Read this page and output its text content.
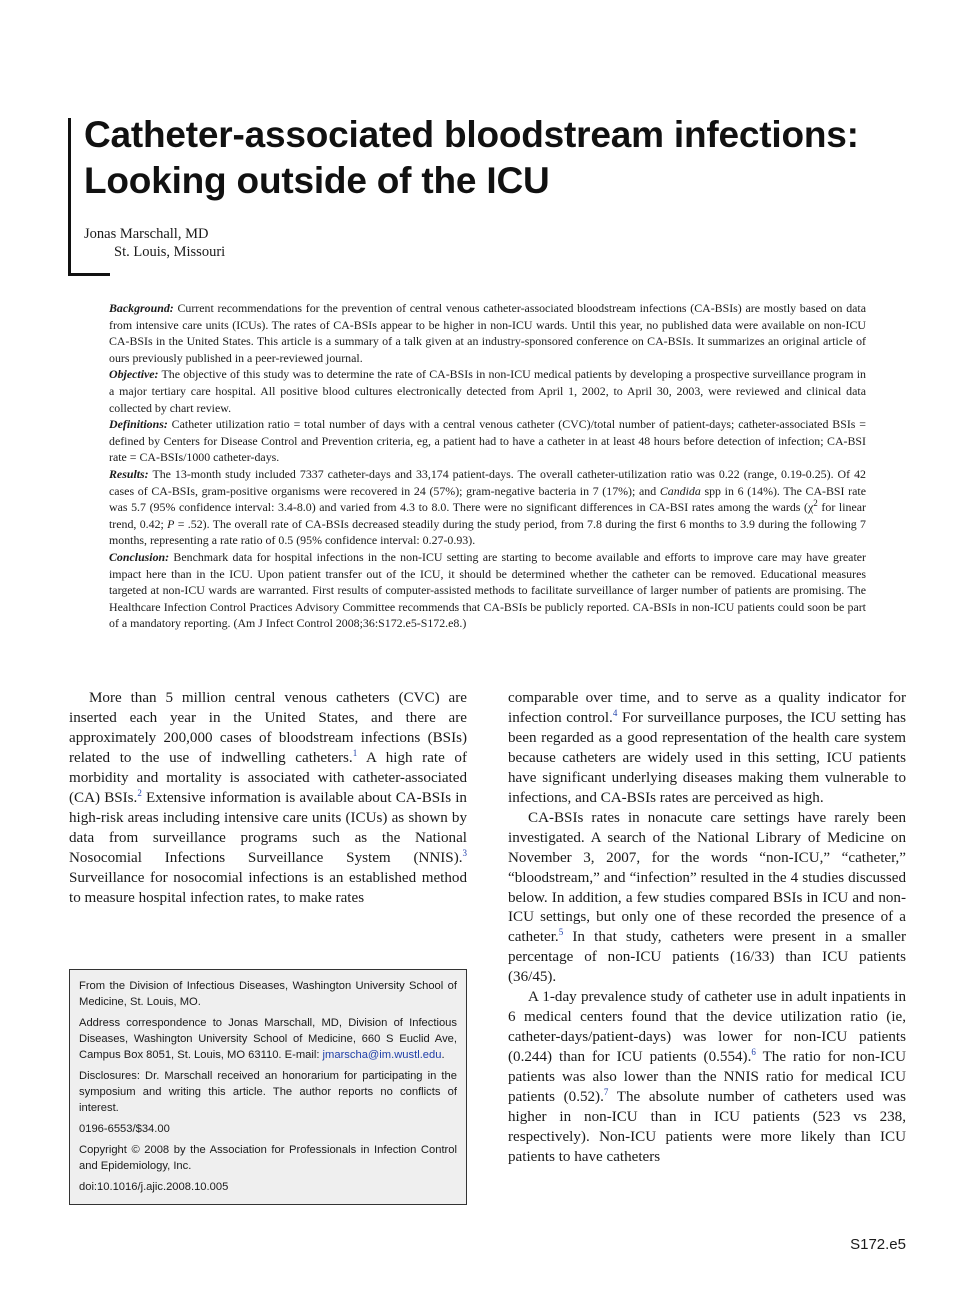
Catheter-associated bloodstream infections: Looking outside of the ICU
Jonas Marschall, MD
St. Louis, Missouri

Background: Current recommendations for the prevention of central venous catheter-associated bloodstream infections (CA-BSIs) are mostly based on data from intensive care units (ICUs). The rates of CA-BSIs appear to be higher in non-ICU wards. Until this year, no published data were available on non-ICU CA-BSIs in the United States. This article is a summary of a talk given at an industry-sponsored conference on CA-BSIs. It summarizes an original article of ours previously published in a peer-reviewed journal.

Objective: The objective of this study was to determine the rate of CA-BSIs in non-ICU medical patients by developing a prospective surveillance program in a major tertiary care hospital. All positive blood cultures electronically detected from April 1, 2002, to April 30, 2003, were reviewed and clinical data collected by chart review.

Definitions: Catheter utilization ratio = total number of days with a central venous catheter (CVC)/total number of patient-days; catheter-associated BSIs = defined by Centers for Disease Control and Prevention criteria, eg, a patient had to have a catheter in at least 48 hours before detection of infection; CA-BSI rate = CA-BSIs/1000 catheter-days.

Results: The 13-month study included 7337 catheter-days and 33,174 patient-days. The overall catheter-utilization ratio was 0.22 (range, 0.19-0.25). Of 42 cases of CA-BSIs, gram-positive organisms were recovered in 24 (57%); gram-negative bacteria in 7 (17%); and Candida spp in 6 (14%). The CA-BSI rate was 5.7 (95% confidence interval: 3.4-8.0) and varied from 4.3 to 8.0. There were no significant differences in CA-BSI rates among the wards ($\chi^2$ for linear trend, 0.42; P = .52). The overall rate of CA-BSIs decreased steadily during the study period, from 7.8 during the first 6 months to 3.9 during the following 7 months, representing a rate ratio of 0.5 (95% confidence interval: 0.27-0.93).

Conclusion: Benchmark data for hospital infections in the non-ICU setting are starting to become available and efforts to improve care may have greater impact here than in the ICU. Upon patient transfer out of the ICU, it should be determined whether the catheter can be removed. Educational measures targeted at non-ICU wards are warranted. First results of computer-assisted methods to facilitate surveillance of larger number of patients are promising. The Healthcare Infection Control Practices Advisory Committee recommends that CA-BSIs be publicly reported. CA-BSIs in non-ICU patients could soon be part of a mandatory reporting. (Am J Infect Control 2008;36:S172.e5-S172.e8.)

More than 5 million central venous catheters (CVC) are inserted each year in the United States, and there are approximately 200,000 cases of bloodstream infections (BSIs) related to the use of indwelling catheters.$^1$ A high rate of morbidity and mortality is associated with catheter-associated (CA) BSIs.$^2$ Extensive information is available about CA-BSIs in high-risk areas including intensive care units (ICUs) as shown by data from surveillance programs such as the National Nosocomial Infections Surveillance System (NNIS).$^3$ Surveillance for nosocomial infections is an established method to measure hospital infection rates, to make rates

From the Division of Infectious Diseases, Washington University School of Medicine, St. Louis, MO.

Address correspondence to Jonas Marschall, MD, Division of Infectious Diseases, Washington University School of Medicine, 660 S Euclid Ave, Campus Box 8051, St. Louis, MO 63110. E-mail: jmarscha@im.wustl.edu.

Disclosures: Dr. Marschall received an honorarium for participating in the symposium and writing this article. The author reports no conflicts of interest.

0196-6553/$34.00

Copyright © 2008 by the Association for Professionals in Infection Control and Epidemiology, Inc.

doi:10.1016/j.ajic.2008.10.005

comparable over time, and to serve as a quality indicator for infection control.$^4$ For surveillance purposes, the ICU setting has been regarded as a good representation of the health care system because catheters are widely used in this setting, ICU patients have significant underlying diseases making them vulnerable to infections, and CA-BSIs rates are perceived as high.

CA-BSIs rates in nonacute care settings have rarely been investigated. A search of the National Library of Medicine on November 3, 2007, for the words “non-ICU,” “catheter,” “bloodstream,” and “infection” resulted in the 4 studies discussed below. In addition, a few studies compared BSIs in ICU and non-ICU settings, but only one of these recorded the presence of a catheter.$^5$ In that study, catheters were present in a smaller percentage of non-ICU patients (16/33) than ICU patients (36/45).

A 1-day prevalence study of catheter use in adult inpatients in 6 medical centers found that the device utilization ratio (ie, catheter-days/patient-days) was lower for non-ICU patients (0.244) than for ICU patients (0.554).$^6$ The ratio for non-ICU patients was also lower than the NNIS ratio for medical ICU patients (0.52).$^7$ The absolute number of catheters used was higher in non-ICU than in ICU patients (523 vs 238, respectively). Non-ICU patients were more likely than ICU patients to have catheters

S172.e5
